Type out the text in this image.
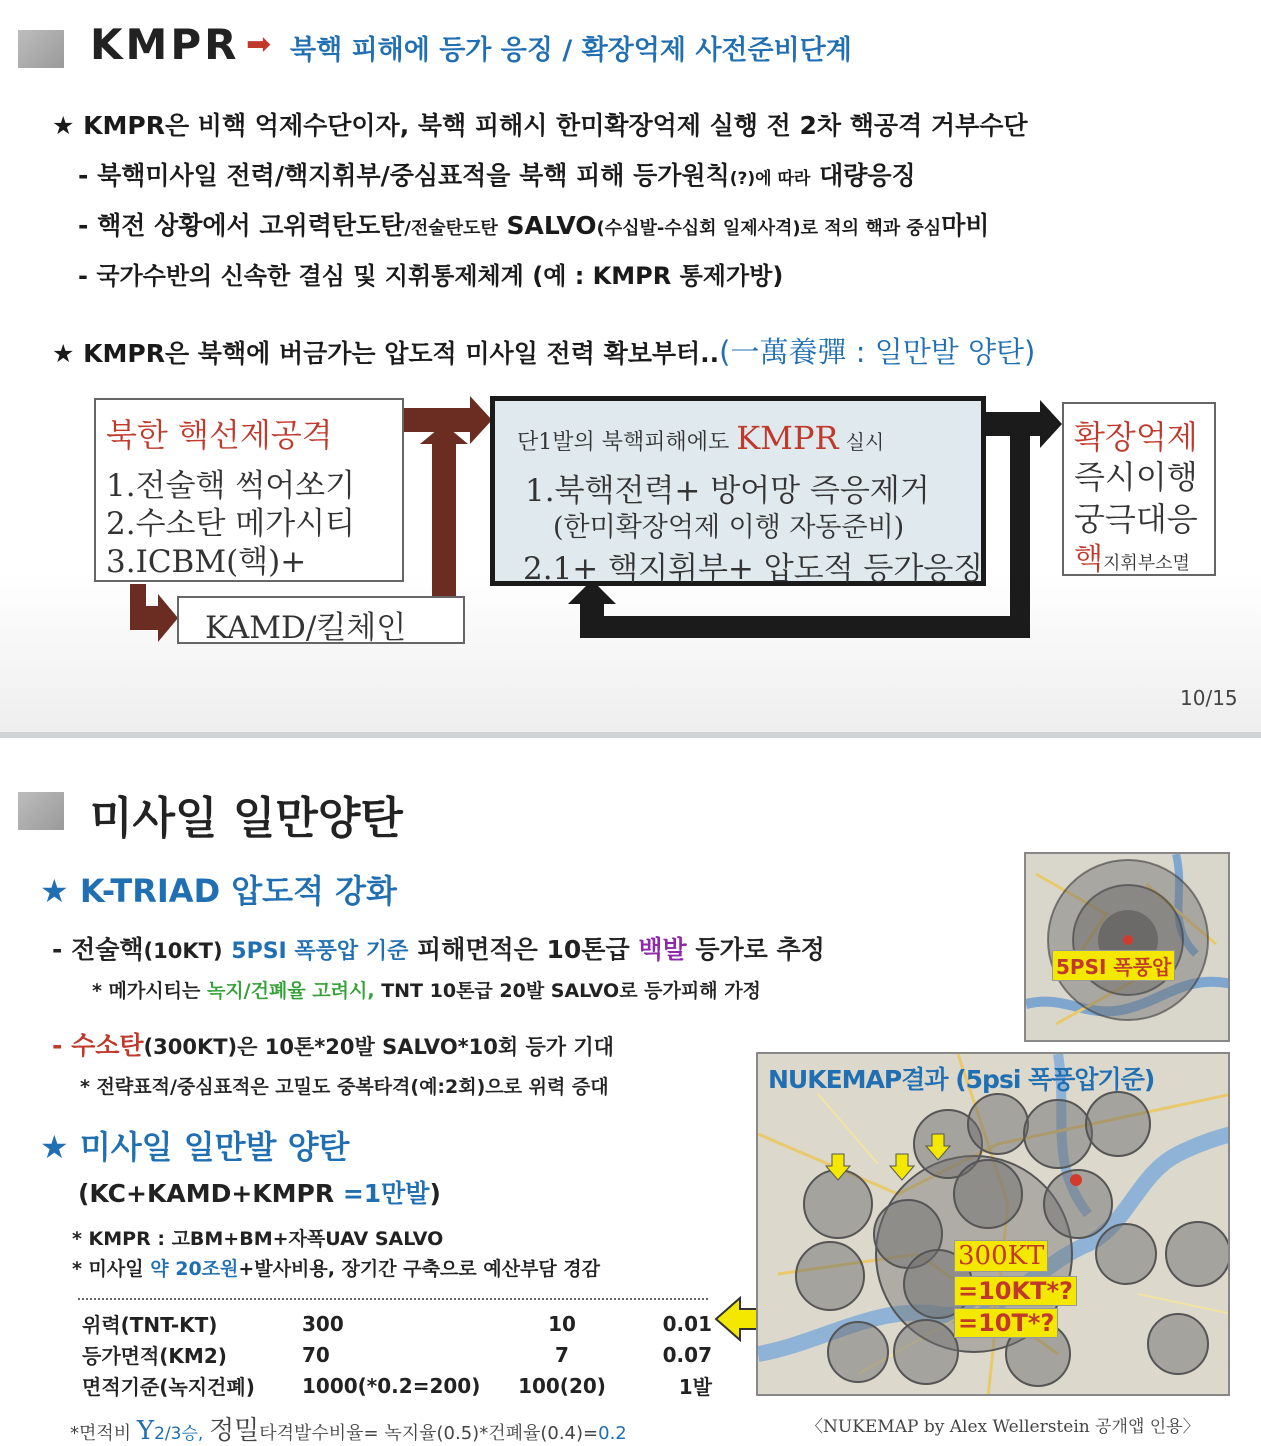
KMPR ➡ 북핵 피해에 등가 응징 / 확장억제 사전준비단계
★ KMPR은 비핵 억제수단이자, 북핵 피해시 한미확장억제 실행 전 2차 핵공격 거부수단
- 북핵미사일 전력/핵지휘부/중심표적을 북핵 피해 등가원칙(?)에 따라 대량응징
- 핵전 상황에서 고위력탄도탄/전술탄도탄 SALVO(수십발-수십회 일제사격)로 적의 핵과 중심마비
- 국가수반의 신속한 결심 및 지휘통제체계 (예 : KMPR 통제가방)
★ KMPR은 북핵에 버금가는 압도적 미사일 전력 확보부터..(一萬養彈 : 일만발 양탄)
북한 핵선제공격
1.전술핵 썩어쏘기
2.수소탄 메가시티
3.ICBM(핵)+
KAMD/킬체인
단1발의 북핵피해에도 KMPR 실시
1.북핵전력+ 방어망 즉응제거
(한미확장억제 이행 자동준비)
2.1+ 핵지휘부+ 압도적 등가응징
확장억제
즉시이행
궁극대응
핵지휘부소멸
10/15
미사일 일만양탄
★ K-TRIAD 압도적 강화
- 전술핵(10KT) 5PSI 폭풍압 기준 피해면적은 10톤급 백발 등가로 추정
* 메가시티는 녹지/건폐율 고려시, TNT 10톤급 20발 SALVO로 등가피해 가정
- 수소탄(300KT)은 10톤*20발 SALVO*10회 등가 기대
* 전략표적/중심표적은 고밀도 중복타격(예:2회)으로 위력 증대
★ 미사일 일만발 양탄
(KC+KAMD+KMPR =1만발)
* KMPR : 고BM+BM+자폭UAV SALVO
* 미사일 약 20조원+발사비용, 장기간 구축으로 예산부담 경감
위력(TNT-KT)	300	10	0.01
등가면적(KM2)	70	7	0.07
면적기준(녹지건폐)	1000(*0.2=200)	100(20)	1발
*면적비 Y2/3승, 정밀타격발수비율= 녹지율(0.5)*건폐율(0.4)=0.2
5PSI 폭풍압
NUKEMAP결과 (5psi 폭풍압기준)
300KT
=10KT*?
=10T*?
〈NUKEMAP by Alex Wellerstein 공개앱 인용〉
